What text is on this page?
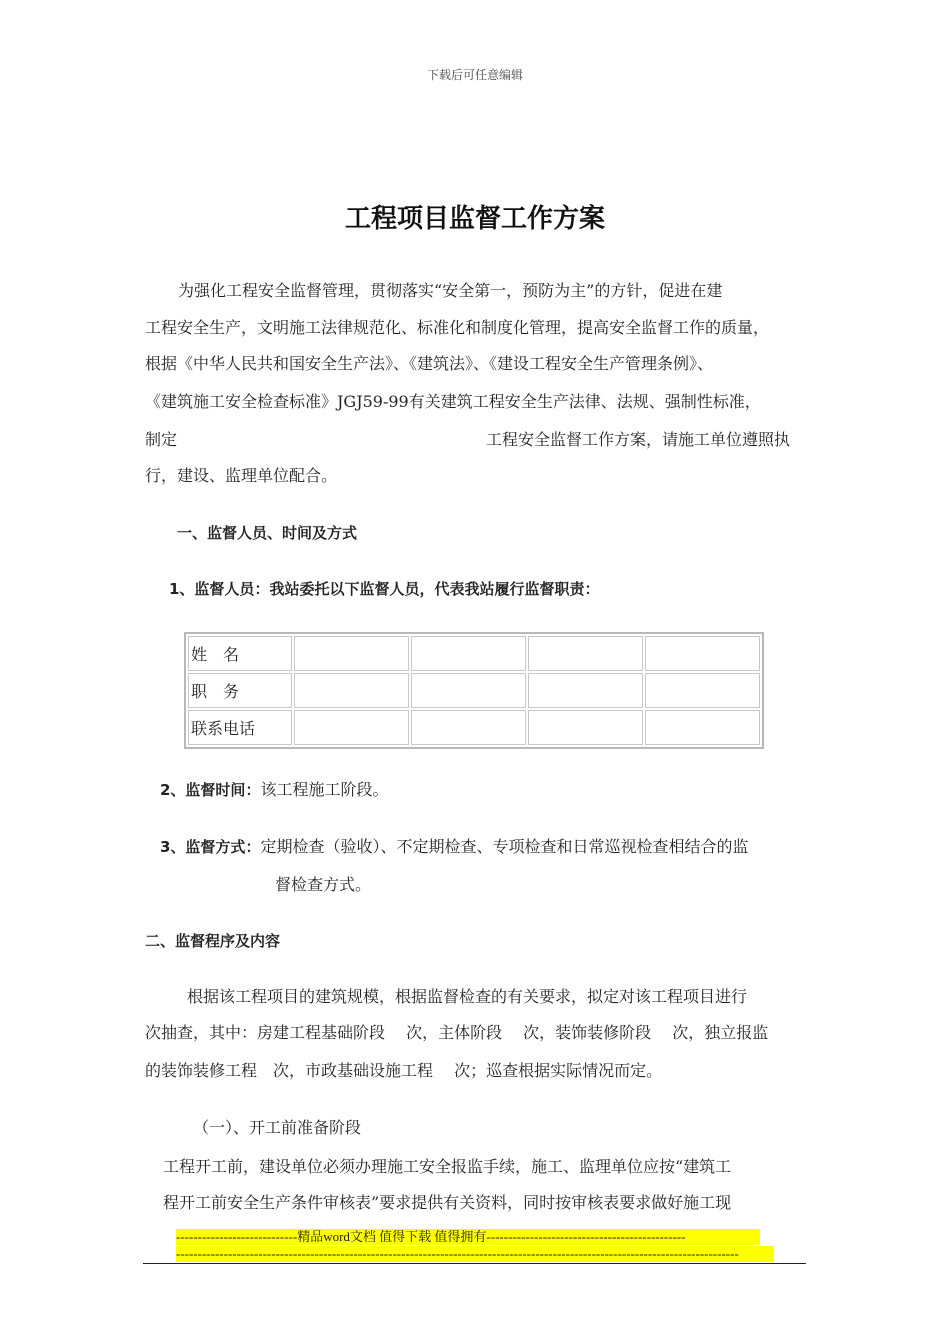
下载后可任意编辑
工程项目监督工作方案
为强化工程安全监督管理，贯彻落实“安全第一，预防为主”的方针，促进在建
工程安全生产，文明施工法律规范化、标准化和制度化管理，提高安全监督工作的质量，
根据《中华人民共和国安全生产法》、《建筑法》、《建设工程安全生产管理条例》、
《建筑施工安全检查标准》JGJ59-99有关建筑工程安全生产法律、法规、强制性标准，
制定	工程安全监督工作方案，请施工单位遵照执
行，建设、监理单位配合。
一、监督人员、时间及方式
1、监督人员：我站委托以下监督人员，代表我站履行监督职责：
姓　名				
职　务				
联系电话				
2、监督时间：该工程施工阶段。
3、监督方式：定期检查（验收）、不定期检查、专项检查和日常巡视检查相结合的监
督检查方式。
二、监督程序及内容
根据该工程项目的建筑规模，根据监督检查的有关要求，拟定对该工程项目进行
次抽查，其中：房建工程基础阶段　 次，主体阶段　 次，装饰装修阶段　 次，独立报监
的装饰装修工程　次，市政基础设施工程　 次；巡查根据实际情况而定。
（一）、开工前准备阶段
工程开工前，建设单位必须办理施工安全报监手续，施工、监理单位应按“建筑工
程开工前安全生产条件审核表”要求提供有关资料，同时按审核表要求做好施工现
----------------------------精品word文档 值得下载 值得拥有----------------------------------------------
----------------------------------------------------------------------------------------------------------------------------------
